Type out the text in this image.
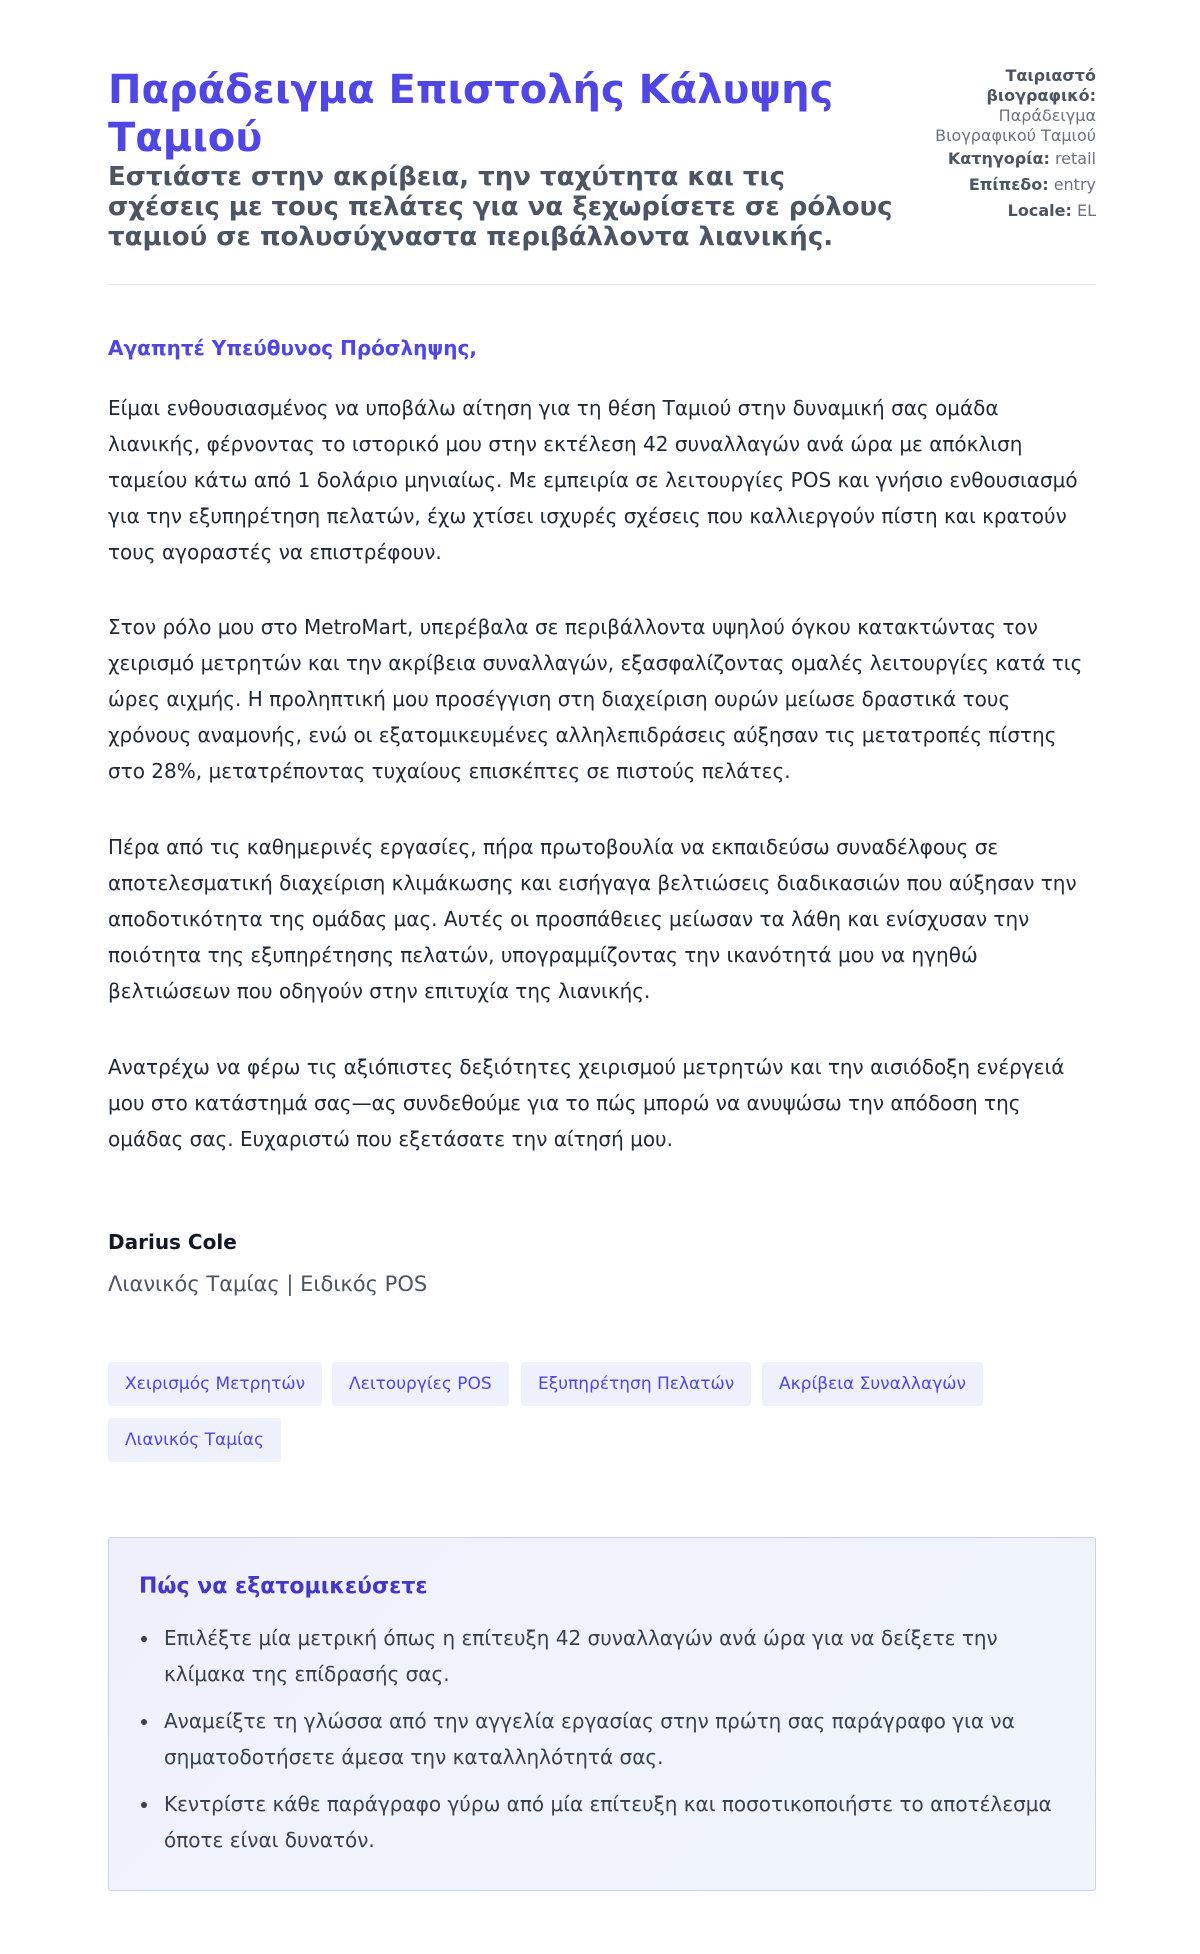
Παράδειγμα Επιστολής Κάλυψης Ταμιού

Εστιάστε στην ακρίβεια, την ταχύτητα και τις σχέσεις με τους πελάτες για να ξεχωρίσετε σε ρόλους ταμιού σε πολυσύχναστα περιβάλλοντα λιανικής.

Ταιριαστό βιογραφικό:
Παράδειγμα Βιογραφικού Ταμιού
Κατηγορία: retail
Επίπεδο: entry
Locale: EL

Αγαπητέ Υπεύθυνος Πρόσληψης,

Είμαι ενθουσιασμένος να υποβάλω αίτηση για τη θέση Ταμιού στην δυναμική σας ομάδα λιανικής, φέρνοντας το ιστορικό μου στην εκτέλεση 42 συναλλαγών ανά ώρα με απόκλιση ταμείου κάτω από 1 δολάριο μηνιαίως. Με εμπειρία σε λειτουργίες POS και γνήσιο ενθουσιασμό για την εξυπηρέτηση πελατών, έχω χτίσει ισχυρές σχέσεις που καλλιεργούν πίστη και κρατούν τους αγοραστές να επιστρέφουν.

Στον ρόλο μου στο MetroMart, υπερέβαλα σε περιβάλλοντα υψηλού όγκου κατακτώντας τον χειρισμό μετρητών και την ακρίβεια συναλλαγών, εξασφαλίζοντας ομαλές λειτουργίες κατά τις ώρες αιχμής. Η προληπτική μου προσέγγιση στη διαχείριση ουρών μείωσε δραστικά τους χρόνους αναμονής, ενώ οι εξατομικευμένες αλληλεπιδράσεις αύξησαν τις μετατροπές πίστης στο 28%, μετατρέποντας τυχαίους επισκέπτες σε πιστούς πελάτες.

Πέρα από τις καθημερινές εργασίες, πήρα πρωτοβουλία να εκπαιδεύσω συναδέλφους σε αποτελεσματική διαχείριση κλιμάκωσης και εισήγαγα βελτιώσεις διαδικασιών που αύξησαν την αποδοτικότητα της ομάδας μας. Αυτές οι προσπάθειες μείωσαν τα λάθη και ενίσχυσαν την ποιότητα της εξυπηρέτησης πελατών, υπογραμμίζοντας την ικανότητά μου να ηγηθώ βελτιώσεων που οδηγούν στην επιτυχία της λιανικής.

Ανατρέχω να φέρω τις αξιόπιστες δεξιότητες χειρισμού μετρητών και την αισιόδοξη ενέργειά μου στο κατάστημά σας—ας συνδεθούμε για το πώς μπορώ να ανυψώσω την απόδοση της ομάδας σας. Ευχαριστώ που εξετάσατε την αίτησή μου.

Darius Cole

Λιανικός Ταμίας | Ειδικός POS

Χειρισμός Μετρητών	Λειτουργίες POS	Εξυπηρέτηση Πελατών	Ακρίβεια Συναλλαγών
Λιανικός Ταμίας
Πώς να εξατομικεύσετε
Επιλέξτε μία μετρική όπως η επίτευξη 42 συναλλαγών ανά ώρα για να δείξετε την κλίμακα της επίδρασής σας.
Αναμείξτε τη γλώσσα από την αγγελία εργασίας στην πρώτη σας παράγραφο για να σηματοδοτήσετε άμεσα την καταλληλότητά σας.
Κεντρίστε κάθε παράγραφο γύρω από μία επίτευξη και ποσοτικοποιήστε το αποτέλεσμα όποτε είναι δυνατόν.
